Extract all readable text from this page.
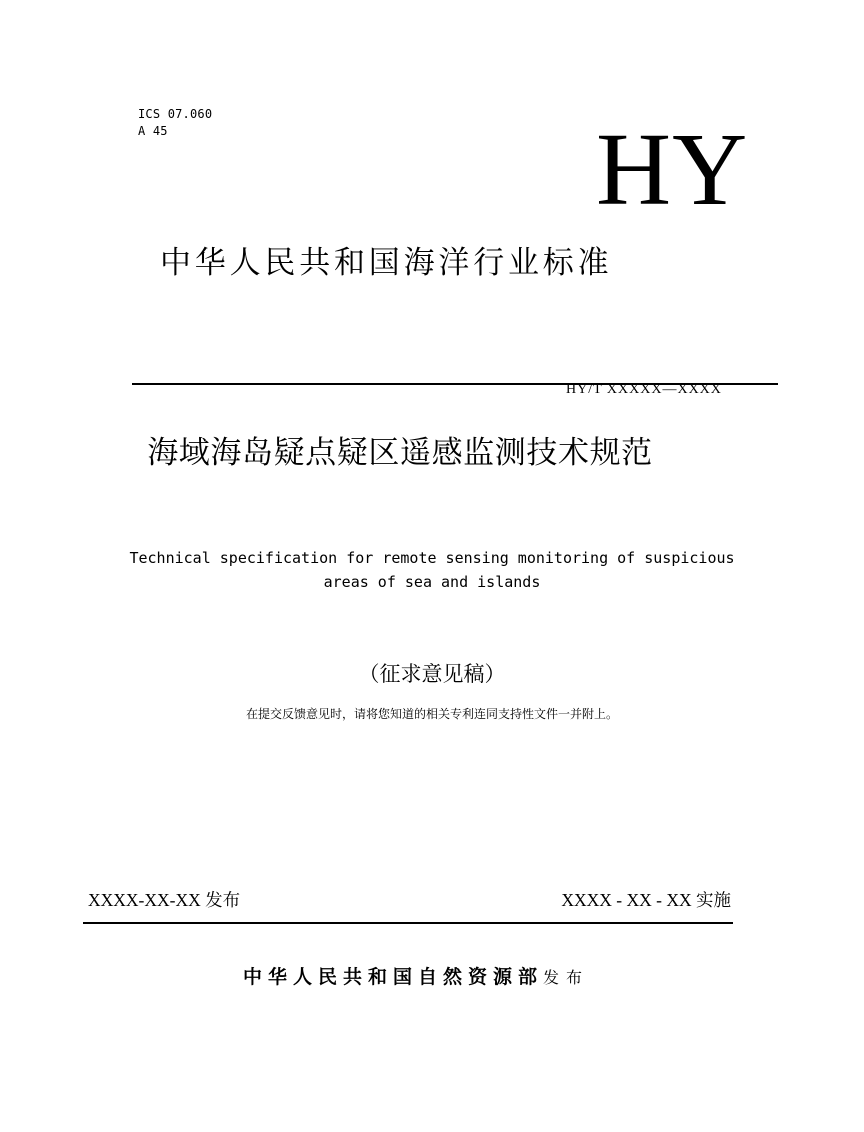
ICS 07.060
A 45	HY
中华人民共和国海洋行业标准
HY/T XXXXX—XXXX
海域海岛疑点疑区遥感监测技术规范
Technical specification for remote sensing monitoring of suspicious
areas of sea and islands
（征求意见稿）
在提交反馈意见时，请将您知道的相关专利连同支持性文件一并附上。
XXXX-XX-XX 发布	XXXX - XX - XX 实施
中华人民共和国自然资源部发布
